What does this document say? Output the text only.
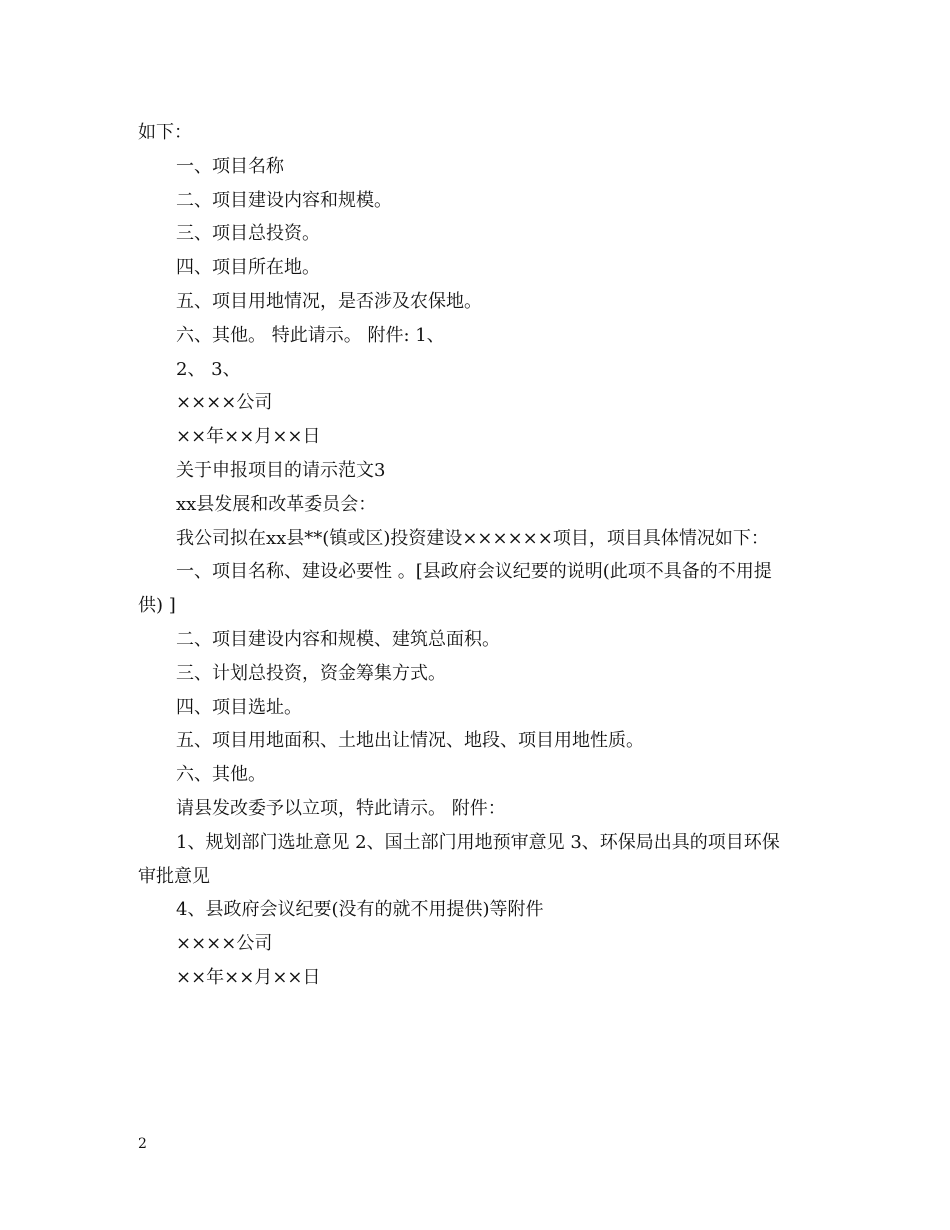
如下：
一、项目名称
二、项目建设内容和规模。
三、项目总投资。
四、项目所在地。
五、项目用地情况，是否涉及农保地。
六、其他。 特此请示。 附件: 1、
2、 3、
××××公司
××年××月××日
关于申报项目的请示范文3
xx县发展和改革委员会：
我公司拟在xx县**(镇或区)投资建设××××××项目，项目具体情况如下：
一、项目名称、建设必要性 。[县政府会议纪要的说明(此项不具备的不用提
供) ]
二、项目建设内容和规模、建筑总面积。
三、计划总投资，资金筹集方式。
四、项目选址。
五、项目用地面积、土地出让情况、地段、项目用地性质。
六、其他。
请县发改委予以立项，特此请示。 附件：
1、规划部门选址意见 2、国土部门用地预审意见 3、环保局出具的项目环保
审批意见
4、县政府会议纪要(没有的就不用提供)等附件
××××公司
××年××月××日
2
